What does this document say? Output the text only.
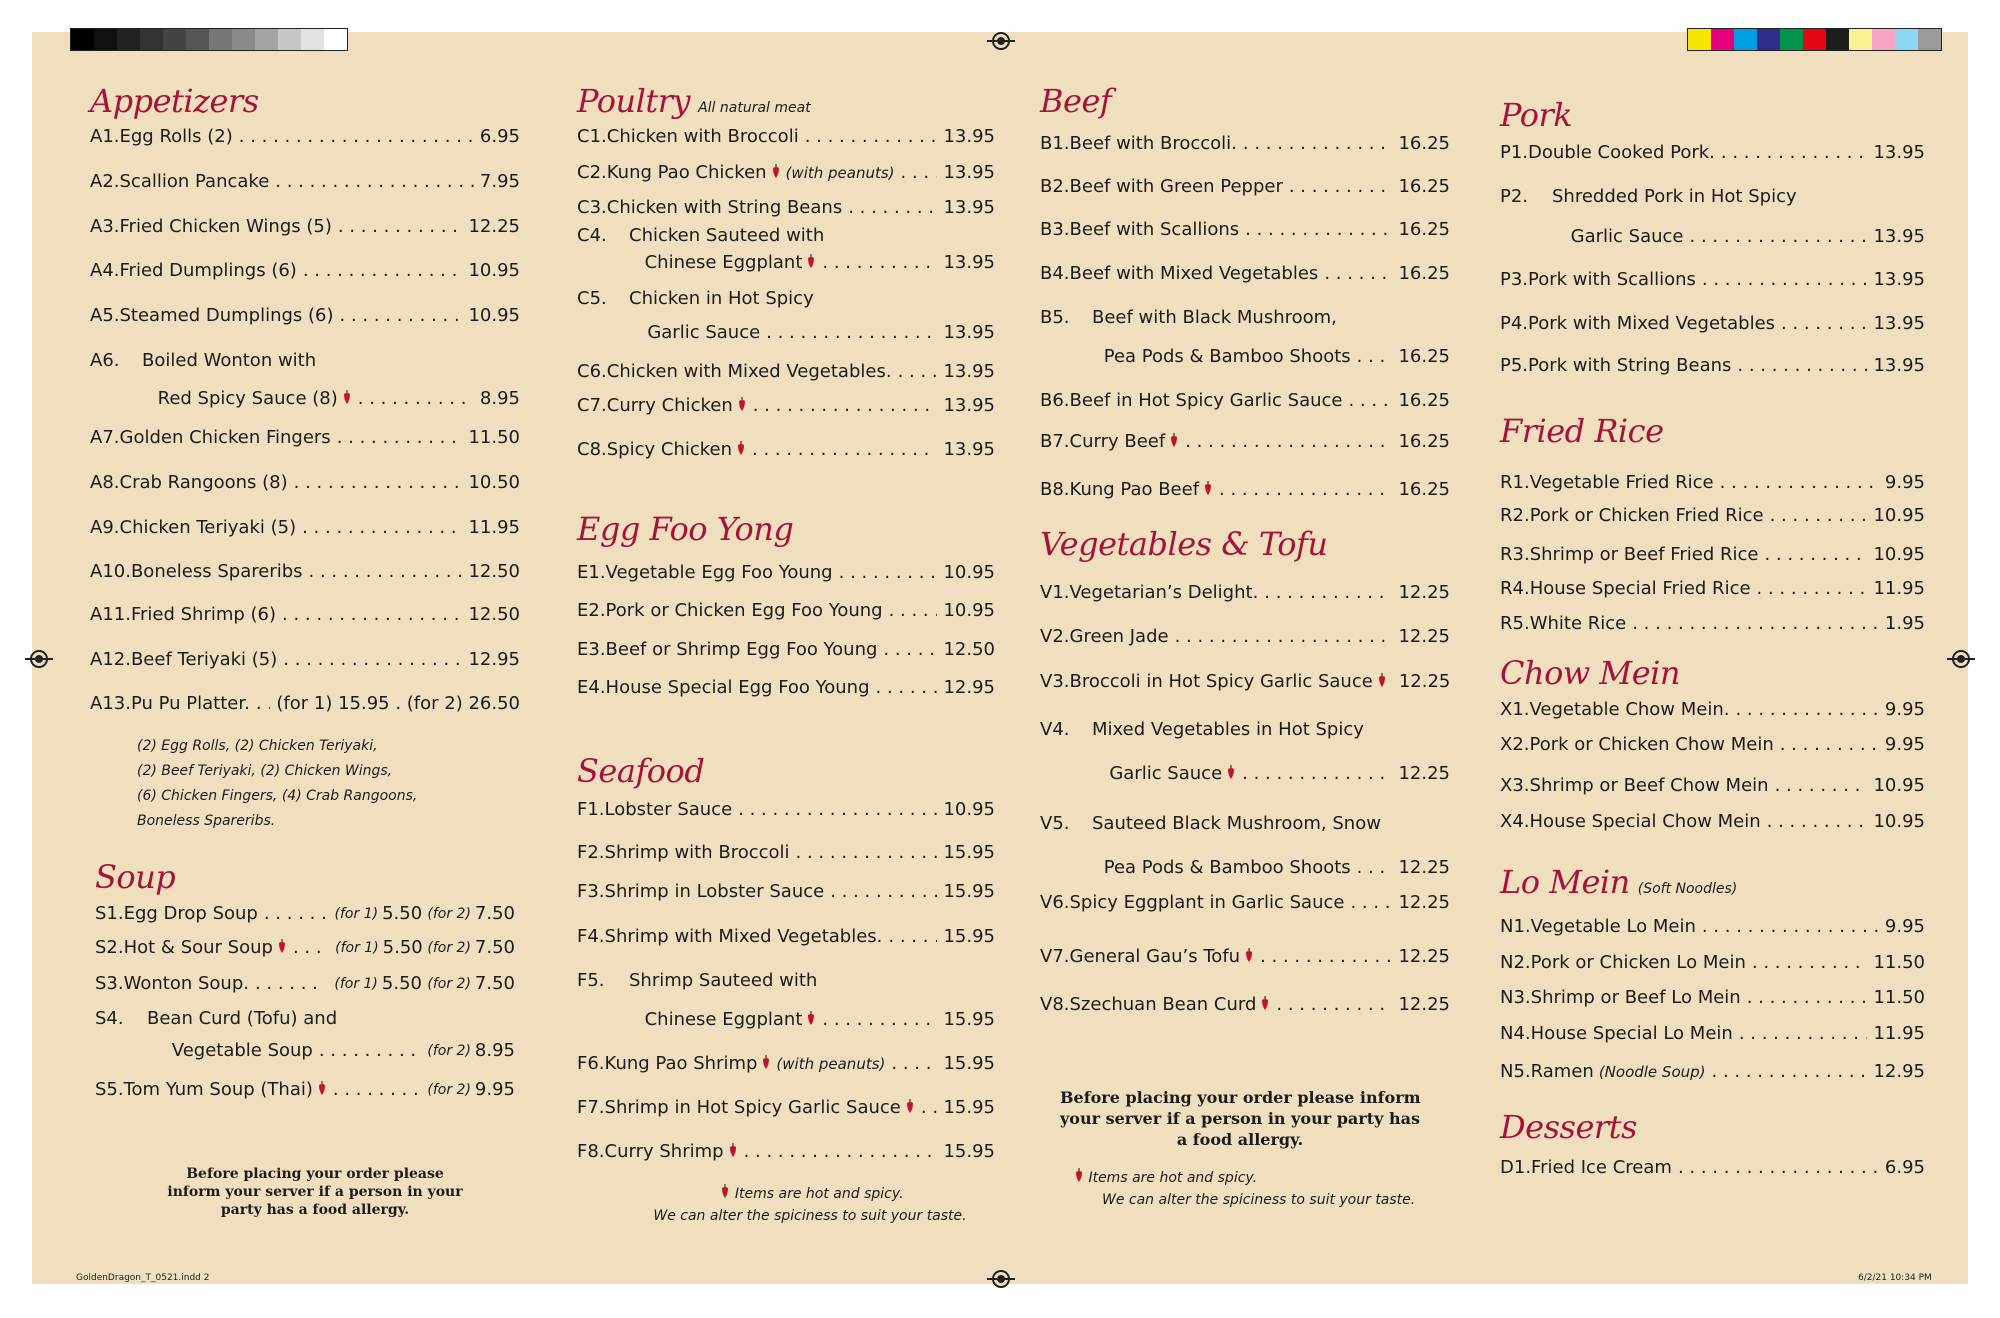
Appetizers
A1. Egg Rolls (2) . . .	6.95
A2. Scallion Pancake . . .	7.95
A3. Fried Chicken Wings (5) . . .	12.25
A4. Fried Dumplings (6) . . .	10.95
A5. Steamed Dumplings (6) . . .	10.95
A6.	Boiled Wonton with
Red Spicy Sauce (8) . . .	8.95
A7. Golden Chicken Fingers . . .	11.50
A8. Crab Rangoons (8) . . .	10.50
A9. Chicken Teriyaki (5) . . .	11.95
A10. Boneless Spareribs . . .	12.50
A11. Fried Shrimp (6) . . .	12.50
A12. Beef Teriyaki (5) . . .	12.95
A13. Pu Pu Platter. . . . (for 1) 15.95 . (for 2) 26.50
Soup
S1. Egg Drop Soup . . .	(for 1) 5.50 (for 2) 7.50
S2. Hot & Sour Soup . . .	(for 1) 5.50 (for 2) 7.50
S3. Wonton Soup. . . .	(for 1) 5.50 (for 2) 7.50
S4.	Bean Curd (Tofu) and
Vegetable Soup . . .	(for 2) 8.95
S5. Tom Yum Soup (Thai) . . .	(for 2) 9.95
Poultry All natural meat
C1. Chicken with Broccoli . . .	13.95
C2. Kung Pao Chicken (with peanuts) . . .	13.95
C3. Chicken with String Beans . . .	13.95
C4.	Chicken Sauteed with
Chinese Eggplant . . .	13.95
C5.	Chicken in Hot Spicy
Garlic Sauce . . .	13.95
C6. Chicken with Mixed Vegetables. . . .	13.95
C7. Curry Chicken . . .	13.95
C8. Spicy Chicken . . .	13.95
Egg Foo Yong
E1. Vegetable Egg Foo Young . . .	10.95
E2. Pork or Chicken Egg Foo Young . . .	10.95
E3. Beef or Shrimp Egg Foo Young . . .	12.50
E4. House Special Egg Foo Young . . .	12.95
Seafood
F1. Lobster Sauce . . .	10.95
F2. Shrimp with Broccoli . . .	15.95
F3. Shrimp in Lobster Sauce . . .	15.95
F4. Shrimp with Mixed Vegetables. . . .	15.95
F5.	Shrimp Sauteed with
Chinese Eggplant . . .	15.95
F6. Kung Pao Shrimp (with peanuts) . . .	15.95
F7. Shrimp in Hot Spicy Garlic Sauce . . .	15.95
F8. Curry Shrimp . . .	15.95
Beef
B1. Beef with Broccoli. . . .	16.25
B2. Beef with Green Pepper . . .	16.25
B3. Beef with Scallions . . .	16.25
B4. Beef with Mixed Vegetables . . .	16.25
B5.	Beef with Black Mushroom,
Pea Pods & Bamboo Shoots . . .	16.25
B6. Beef in Hot Spicy Garlic Sauce . . .	16.25
B7. Curry Beef . . .	16.25
B8. Kung Pao Beef . . .	16.25
Vegetables & Tofu
V1. Vegetarian’s Delight. . . .	12.25
V2. Green Jade . . .	12.25
V3. Broccoli in Hot Spicy Garlic Sauce	12.25
V4.	Mixed Vegetables in Hot Spicy
Garlic Sauce . . .	12.25
V5.	Sauteed Black Mushroom, Snow
Pea Pods & Bamboo Shoots . . .	12.25
V6. Spicy Eggplant in Garlic Sauce . . .	12.25
V7. General Gau’s Tofu . . .	12.25
V8. Szechuan Bean Curd . . .	12.25
Pork
P1. Double Cooked Pork. . . .	13.95
P2.	Shredded Pork in Hot Spicy
Garlic Sauce . . .	13.95
P3. Pork with Scallions . . .	13.95
P4. Pork with Mixed Vegetables . . .	13.95
P5. Pork with String Beans . . .	13.95
Fried Rice
R1. Vegetable Fried Rice . . .	9.95
R2. Pork or Chicken Fried Rice . . .	10.95
R3. Shrimp or Beef Fried Rice . . .	10.95
R4. House Special Fried Rice . . .	11.95
R5. White Rice . . .	1.95
Chow Mein
X1. Vegetable Chow Mein. . . .	9.95
X2. Pork or Chicken Chow Mein . . .	9.95
X3. Shrimp or Beef Chow Mein . . .	10.95
X4. House Special Chow Mein . . .	10.95
Lo Mein (Soft Noodles)
N1. Vegetable Lo Mein . . .	9.95
N2. Pork or Chicken Lo Mein . . .	11.50
N3. Shrimp or Beef Lo Mein . . .	11.50
N4. House Special Lo Mein . . .	11.95
N5. Ramen (Noodle Soup) . . .	12.95
Desserts
D1. Fried Ice Cream . . .	6.95
(2) Egg Rolls, (2) Chicken Teriyaki,
(2) Beef Teriyaki, (2) Chicken Wings,
(6) Chicken Fingers, (4) Crab Rangoons,
Boneless Spareribs.
Before placing your order please
inform your server if a person in your
party has a food allergy.
Items are hot and spicy.
We can alter the spiciness to suit your taste.
Before placing your order please inform
your server if a person in your party has
a food allergy.
Items are hot and spicy.
We can alter the spiciness to suit your taste.
GoldenDragon_T_0521.indd 2	6/2/21 10:34 PM
